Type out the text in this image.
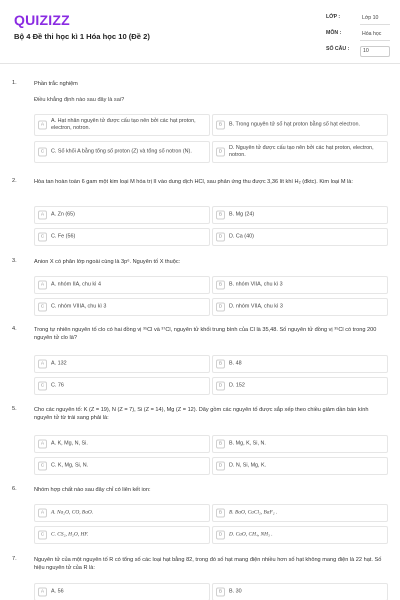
QUIZIZZ
Bộ 4 Đề thi học kì 1 Hóa học 10 (Đề 2)
LỚP :	Lớp 10
MÔN :	Hóa học
SỐ CÂU :	10
1.	Phần trắc nghiệm
Điều khẳng định nào sau đây là sai?
A
A. Hạt nhân nguyên tử được cấu tạo nên bởi các hạt proton, electron, notron.	B	B. Trong nguyên tử số hạt proton bằng số hạt electron.
C	C. Số khối A bằng tổng số proton (Z) và tổng số notron (N).	D
D. Nguyên tử được cấu tạo nên bởi các hạt proton, electron, notron.
2.	Hòa tan hoàn toàn 6 gam một kim loại M hóa trị II vào dung dịch HCl, sau phản ứng thu được 3,36 lít khí H₂ (đktc). Kim loại M là:
A	A. Zn (65)	B	B. Mg (24)
C	C. Fe (56)	D	D. Ca (40)
3.	Anion X có phân lớp ngoài cùng là 3p⁶. Nguyên tố X thuộc:
A	A. nhóm IIA, chu kì 4	B	B. nhóm VIIA, chu kì 3
C	C. nhóm VIIIA, chu kì 3	D	D. nhóm VIIA, chu kì 3
4.	Trong tự nhiên nguyên tố clo có hai đồng vị ³⁵Cl và ³⁷Cl, nguyên tử khối trung bình của Cl là 35,48. Số nguyên tử đồng vị ³⁵Cl có trong 200 nguyên tử clo là?
A	A. 132	B	B. 48
C	C. 76	D	D. 152
5.	Cho các nguyên tố: K (Z = 19), N (Z = 7), Si (Z = 14), Mg (Z = 12). Dãy gồm các nguyên tố được sắp xếp theo chiều giảm dần bán kính nguyên tử từ trái sang phải là:
A	A. K, Mg, N, Si.	B	B. Mg, K, Si, N.
C	C. K, Mg, Si, N.	D	D. N, Si, Mg, K.
6.	Nhóm hợp chất nào sau đây chỉ có liên kết ion:
A	A. Na₂O, CO, BaO.	B	B. BaO, CaCl₂, BaF₂ .
C	C. CS₂, H₂O, HF.	D	D. CaO, CH₄, NH₃ .
7.	Nguyên tử của một nguyên tố R có tổng số các loại hạt bằng 82, trong đó số hạt mang điện nhiều hơn số hạt không mang điện là 22 hạt. Số hiệu nguyên tử của R là:
A	A. 56	B	B. 30
